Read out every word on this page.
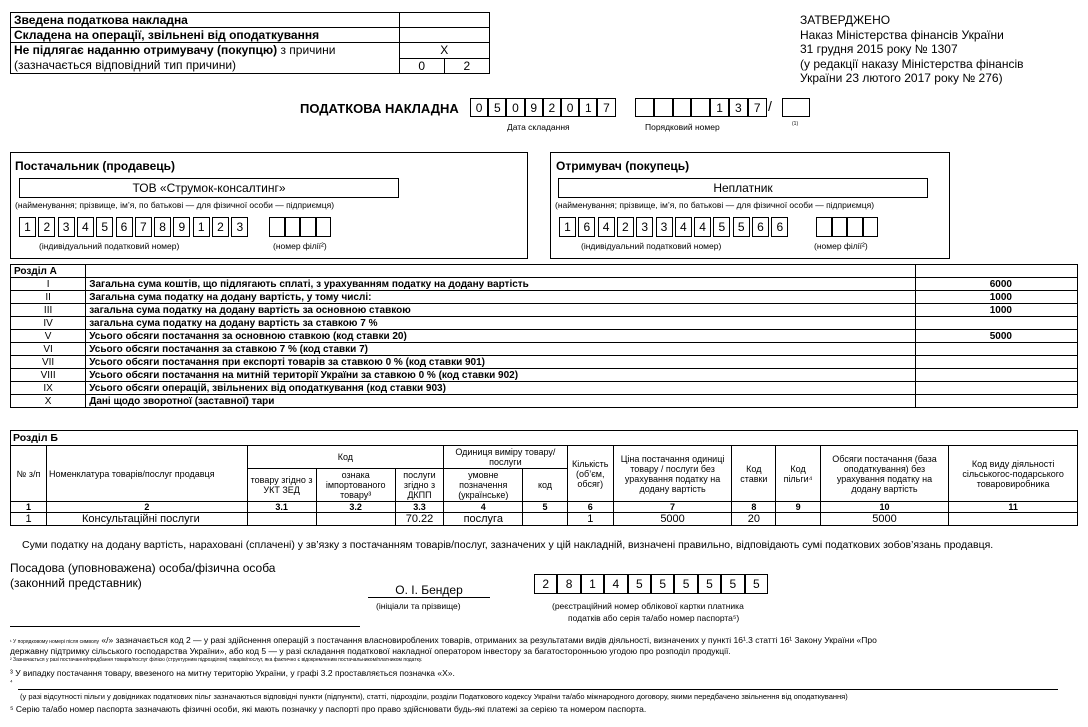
Зведена податкова накладна		
Складена на операції, звільнені від оподаткування		
Не підлягає наданню отримувачу (покупцю) з причини
(зазначається відповідний тип причини)	X	
	0	2
ЗАТВЕРДЖЕНО
Наказ Міністерства фінансів України
31 грудня 2015 року № 1307
(у редакції наказу Міністерства фінансів
України 23 лютого 2017 року № 276)
ПОДАТКОВА НАКЛАДНА	0 5 0 9 2 0 1 7
Дата складання
1	3	7 /
Порядковий номер	(1)
Постачальник (продавець)
ТОВ «Струмок-консалтинг»
(найменування; прізвище, ім’я, по батькові — для фізичної особи — підприємця)
1	2	3	4	5	6	7	8	9	1	2	3
(індивідуальний податковий номер)	(номер філії²)
Отримувач (покупець)
Неплатник
(найменування; прізвище, ім’я, по батькові — для фізичної особи — підприємця)
1	6	4	2	3	3	4	4	5	5	6	6
(індивідуальний податковий номер)	(номер філії²)
Розділ А		
I	Загальна сума коштів, що підлягають сплаті, з урахуванням податку на додану вартість	6000
II	Загальна сума податку на додану вартість, у тому числі:	1000
III	загальна сума податку на додану вартість за основною ставкою	1000
IV	загальна сума податку на додану вартість за ставкою 7 %	
V	Усього обсяги постачання за основною ставкою (код ставки 20)	5000
VI	Усього обсяги постачання за ставкою 7 % (код ставки 7)	
VII	Усього обсяги постачання при експорті товарів за ставкою 0 % (код ставки 901)	
VIII	Усього обсяги постачання на митній території України за ставкою 0 % (код ставки 902)	
IX	Усього обсяги операцій, звільнених від оподаткування (код ставки 903)	
X	Дані щодо зворотної (заставної) тари	
Розділ Б												
№ з/п	Номенклатура товарів/послуг продавця	Код			Одиниця виміру товару/послуги		Кількість (об’єм, обсяг)	Ціна постачання одиниці товару / послуги без урахування податку на додану вартість	Код ставки	Код пільги⁴	Обсяги постачання (база оподаткування) без урахування податку на додану вартість	Код виду діяльності сільськогос-подарського товаровиробника
		товару згідно з УКТ ЗЕД	ознака імпортованого товару³	послуги згідно з ДКПП	умовне позначення (українське)	код						
1	2	3.1	3.2	3.3	4	5	6	7	8	9	10	11
1	Консультаційні послуги			70.22	послуга		1	5000	20		5000	
Суми податку на додану вартість, нараховані (сплачені) у зв’язку з постачанням товарів/послуг, зазначених у цій накладній, визначені правильно, відповідають сумі податкових зобов’язань продавця.
Посадова (уповноважена) особа/фізична особа
(законний представник)	О. І. Бендер
(ініціали та прізвище)
2	8	1	4	5	5	5	5	5	5
(реєстраційний номер облікової картки платника
податків або серія та/або номер паспорта⁵)
¹ У порядковому номері після символу «/» зазначається код 2 — у разі здійснення операцій з постачання власновироблених товарів, отриманих за результатами видів діяльності, визначених у пункті 16¹.3 статті 16¹ Закону України «Про
державну підтримку сільського господарства України», або код 5 — у разі складання податкової накладної оператором інвестору за багатосторонньою угодою про розподіл продукції.
² Зазначається у разі постачання/придбання товарів/послуг філією (структурним підрозділом) товарів/послуг, яка фактично є відокремленим постачальником/платником податку.
³ У випадку постачання товару, ввезеного на митну територію України, у графі 3.2 проставляється позначка «Х».
⁴
(у разі відсутності пільги у довідниках податкових пільг зазначаються відповідні пункти (підпункти), статті, підрозділи, розділи Податкового кодексу України та/або міжнародного договору, якими передбачено звільнення від оподаткування)
⁵ Серію та/або номер паспорта зазначають фізичні особи, які мають позначку у паспорті про право здійснювати будь-які платежі за серією та номером паспорта.
